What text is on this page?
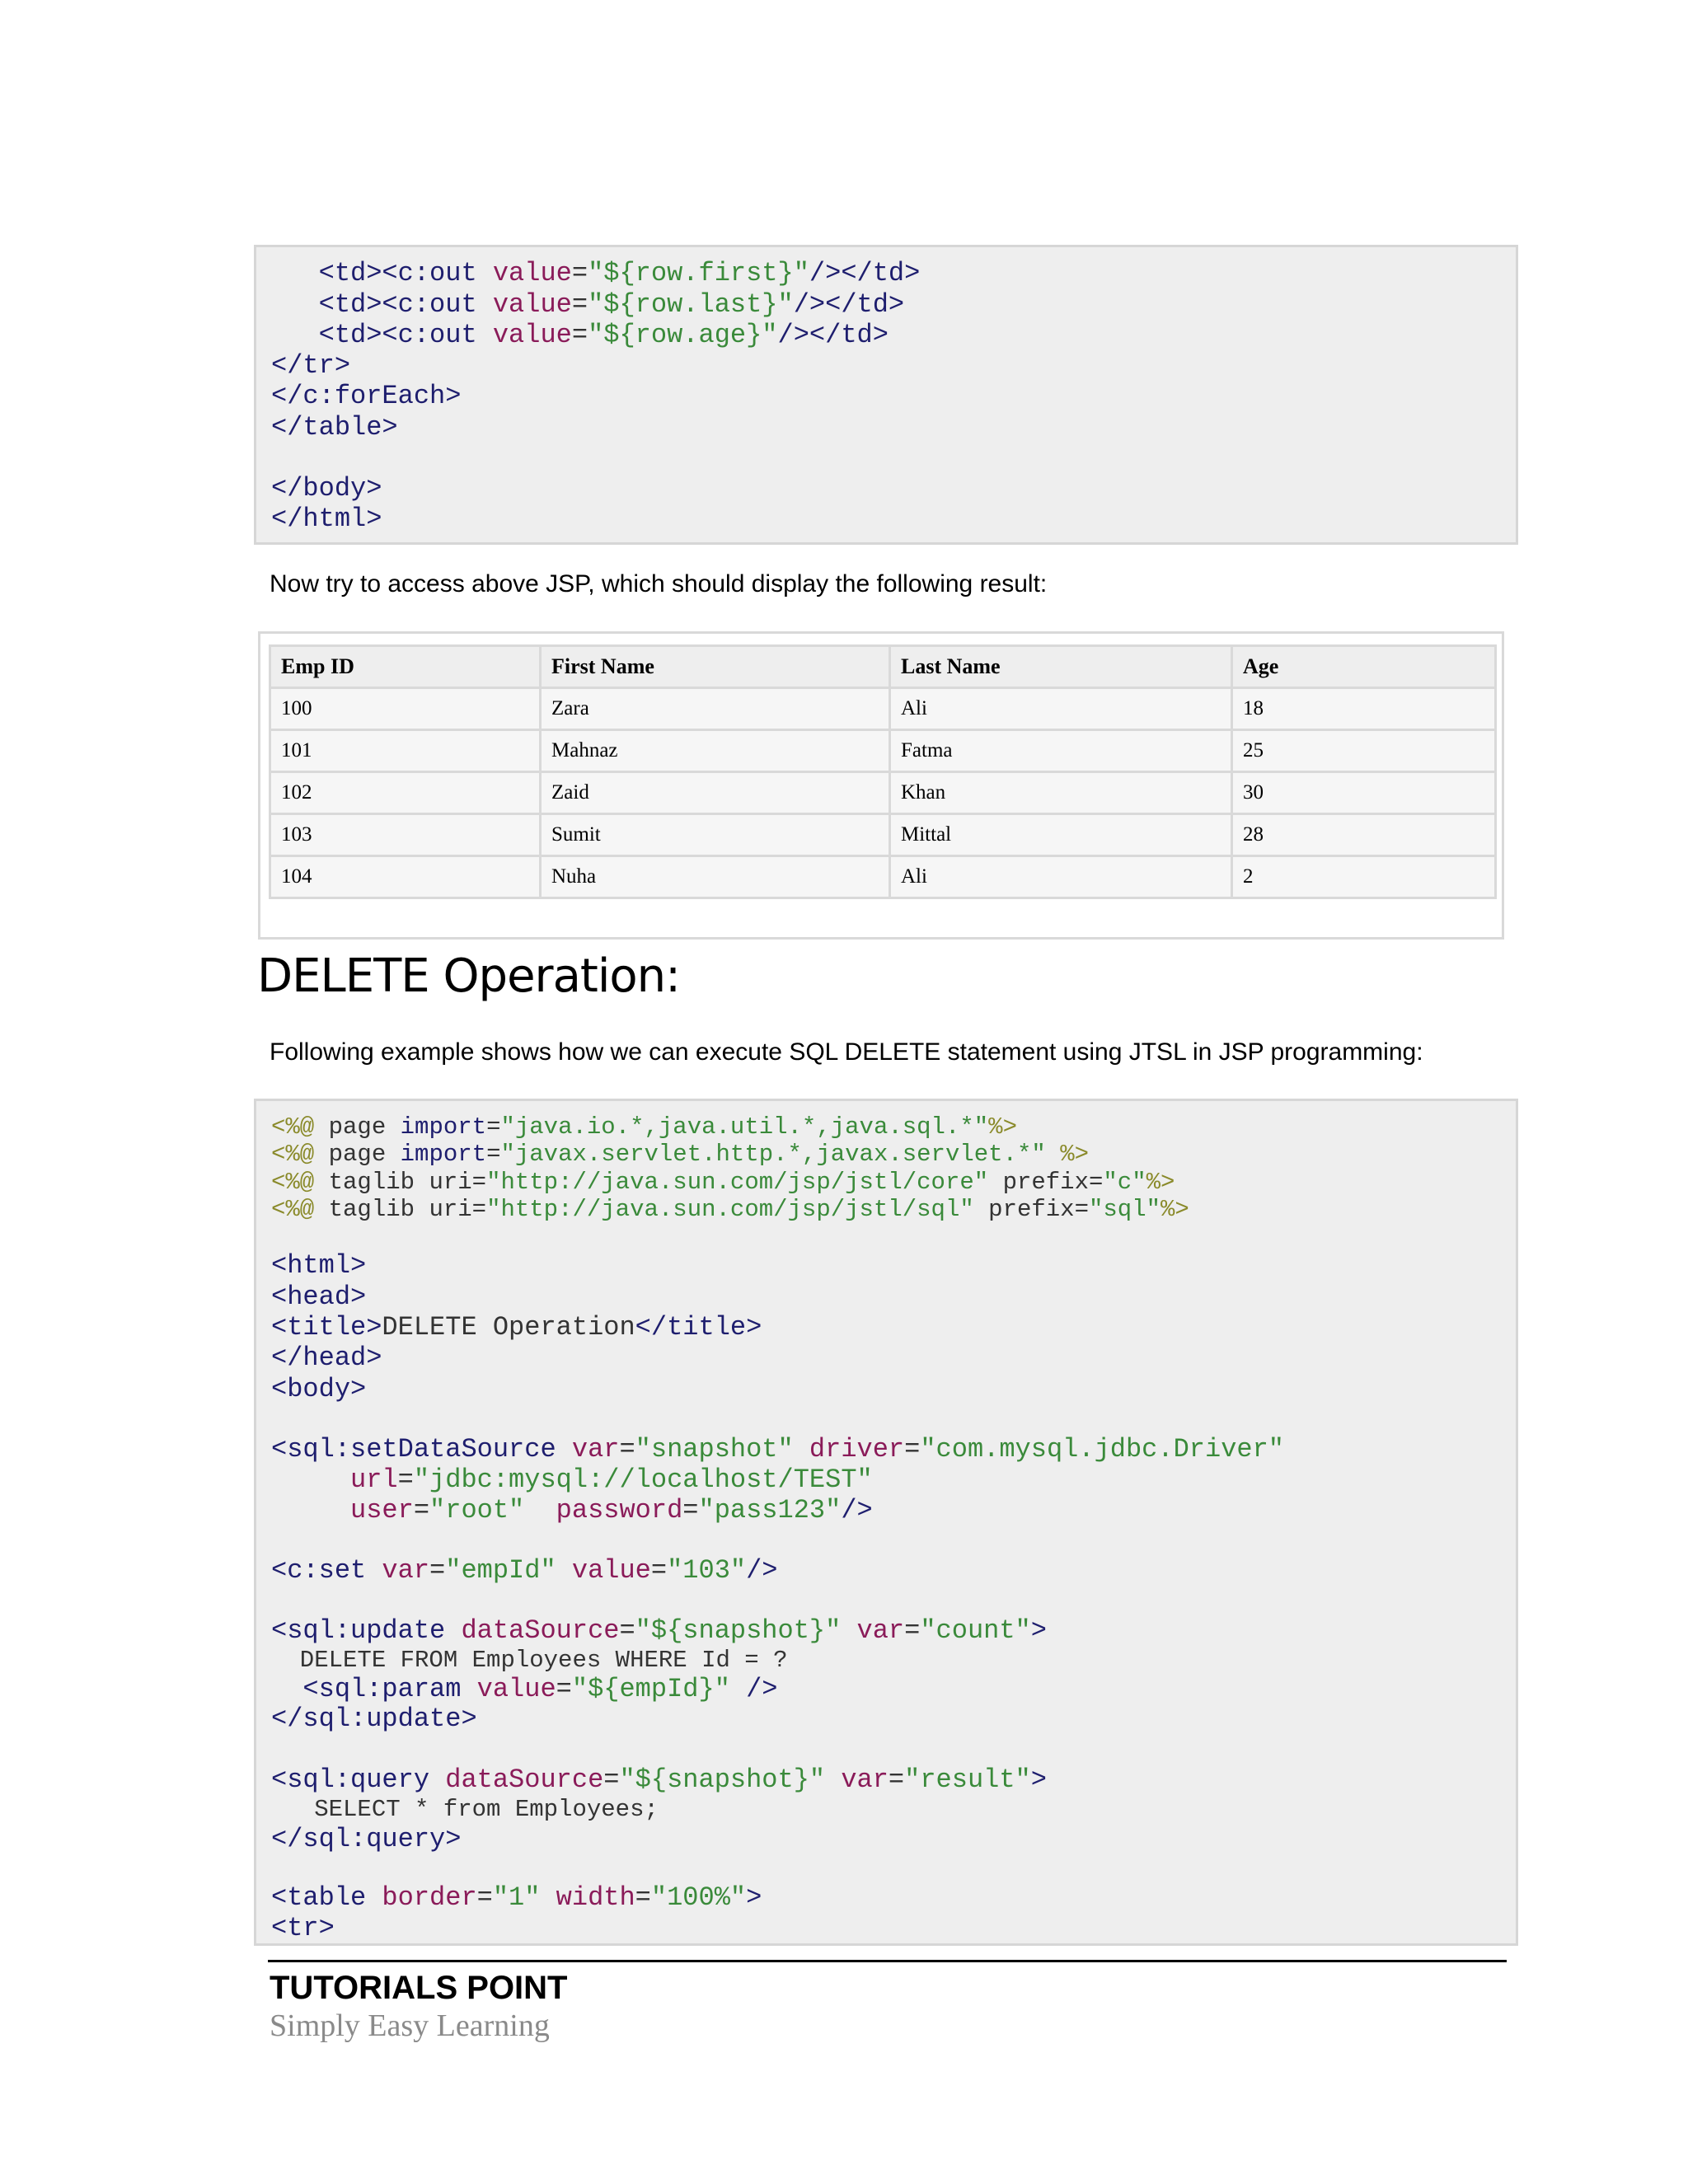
<td><c:out value="${row.first}"/></td>
<td><c:out value="${row.last}"/></td>
<td><c:out value="${row.age}"/></td>
</tr>
</c:forEach>
</table>
</body>
</html>
Now try to access above JSP, which should display the following result:
Emp ID	First Name	Last Name	Age
100	Zara	Ali	18
101	Mahnaz	Fatma	25
102	Zaid	Khan	30
103	Sumit	Mittal	28
104	Nuha	Ali	2
DELETE Operation:
Following example shows how we can execute SQL DELETE statement using JTSL in JSP programming:
<%@ page import="java.io.*,java.util.*,java.sql.*"%>
<%@ page import="javax.servlet.http.*,javax.servlet.*" %>
<%@ taglib uri="http://java.sun.com/jsp/jstl/core" prefix="c"%>
<%@ taglib uri="http://java.sun.com/jsp/jstl/sql" prefix="sql"%>
<html>
<head>
<title>DELETE Operation</title>
</head>
<body>
<sql:setDataSource var="snapshot" driver="com.mysql.jdbc.Driver"
url="jdbc:mysql://localhost/TEST"
user="root" password="pass123"/>
<c:set var="empId" value="103"/>
<sql:update dataSource="${snapshot}" var="count">
DELETE FROM Employees WHERE Id = ?
<sql:param value="${empId}" />
</sql:update>
<sql:query dataSource="${snapshot}" var="result">
SELECT * from Employees;
</sql:query>
<table border="1" width="100%">
<tr>
TUTORIALS POINT
Simply Easy Learning
